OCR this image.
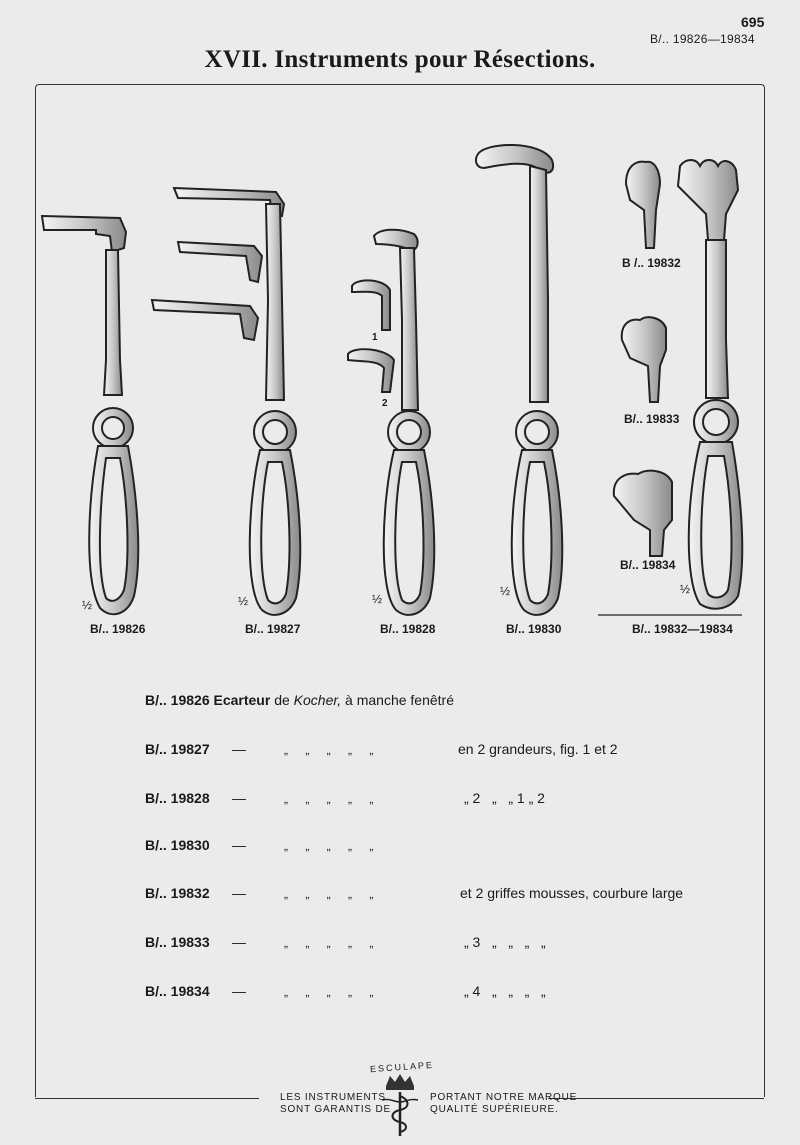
695
B/.. 19826—19834
XVII. Instruments pour Résections.
1
2
B /.. 19832
B/.. 19833
B/.. 19834
½	½	½
½	½
B/.. 19826	B/.. 19827	B/.. 19828	B/.. 19830	B/.. 19832—19834
B/.. 19826 Ecarteur de Kocher, à manche fenêtré
B/.. 19827 —	„ „ „ „ „	en 2 grandeurs, fig. 1 et 2
B/.. 19828 —	„ „ „ „ „	„ 2   „   „ 1 „ 2
B/.. 19830 —	„ „ „ „ „
B/.. 19832 —	„ „ „ „ „	et 2 griffes mousses, courbure large
B/.. 19833 —	„ „ „ „ „	„ 3   „   „   „   „
B/.. 19834 —	„ „ „ „ „	„ 4   „   „   „   „
ESCULAPE
LES INSTRUMENTS
SONT GARANTIS DE
PORTANT NOTRE MARQUE
QUALITÉ SUPÉRIEURE.
